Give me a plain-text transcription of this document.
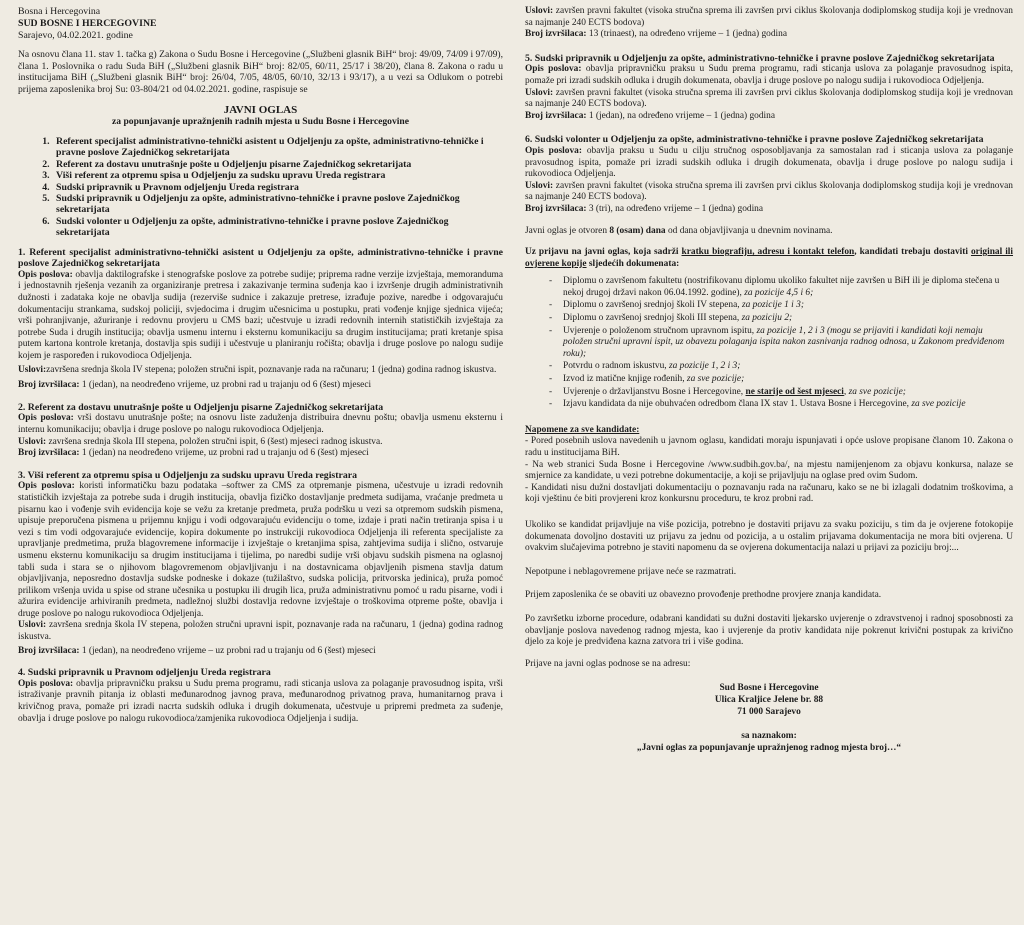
Bosna i Hercegovina

SUD BOSNE I HERCEGOVINE

Sarajevo, 04.02.2021. godine

Na osnovu člana 11. stav 1. tačka g) Zakona o Sudu Bosne i Hercegovine („Službeni glasnik BiH“ broj: 49/09, 74/09 i 97/09), člana 1. Poslovnika o radu Suda BiH („Službeni glasnik BiH“ broj: 82/05, 60/11, 25/17 i 38/20), člana 8. Zakona o radu u institucijama BiH („Službeni glasnik BiH“ broj: 26/04, 7/05, 48/05, 60/10, 32/13 i 93/17), a u vezi sa Odlukom o potrebi prijema zaposlenika broj Su: 03-804/21 od 04.02.2021. godine, raspisuje se

JAVNI OGLAS

za popunjavanje upražnjenih radnih mjesta u Sudu Bosne i Hercegovine

1. Referent specijalist administrativno-tehnički asistent u Odjeljenju za opšte, administrativno-tehničke i pravne poslove Zajedničkog sekretarijata
2. Referent za dostavu unutrašnje pošte u Odjeljenju pisarne Zajedničkog sekretarijata
3. Viši referent za otpremu spisa u Odjeljenju za sudsku upravu Ureda registrara
4. Sudski pripravnik u Pravnom odjeljenju Ureda registrara
5. Sudski pripravnik u Odjeljenju za opšte, administrativno-tehničke i pravne poslove Zajedničkog sekretarijata
6. Sudski volonter u Odjeljenju za opšte, administrativno-tehničke i pravne poslove Zajedničkog sekretarijata

1. Referent specijalist administrativno-tehnički asistent u Odjeljenju za opšte, administrativno-tehničke i pravne poslove Zajedničkog sekretarijata

Opis poslova: obavlja daktilografske i stenografske poslove za potrebe sudije; priprema radne verzije izvještaja, memoranduma i jednostavnih rješenja vezanih za organiziranje pretresa i zakazivanje termina suđenja kao i izvršenje drugih administrativnih dužnosti i zadataka koje ne obavlja sudija (rezerviše sudnice i zakazuje pretrese, izrađuje pozive, naredbe i odgovarajuću dokumentaciju strankama, sudskoj policiji, svjedocima i drugim učesnicima u postupku, prati vođenje knjige sjednica vijeća; vrši pohranjivanje, ažuriranje i redovnu provjeru u CMS bazi; učestvuje u izradi redovnih internih statističkih izvještaja za potrebe Suda i drugih institucija; obavlja usmenu internu i eksternu komunikaciju sa drugim institucijama; prati kretanje spisa putem kartona kontrole kretanja, dostavlja spis sudiji i učestvuje u planiranju ročišta; obavlja i druge poslove po nalogu sudije kojem je raspoređen i rukovodioca Odjeljenja.

Uslovi:završena srednja škola IV stepena; položen stručni ispit, poznavanje rada na računaru; 1 (jedna) godina radnog iskustva.

Broj izvršilaca: 1 (jedan), na neodređeno vrijeme, uz probni rad u trajanju od 6 (šest) mjeseci

2. Referent za dostavu unutrašnje pošte u Odjeljenju pisarne Zajedničkog sekretarijata

Opis poslova: vrši dostavu unutrašnje pošte; na osnovu liste zaduženja distribuira dnevnu poštu; obavlja usmenu eksternu i internu komunikaciju; obavlja i druge poslove po nalogu rukovodioca Odjeljenja.

Uslovi: završena srednja škola III stepena, položen stručni ispit, 6 (šest) mjeseci radnog iskustva.

Broj izvršilaca: 1 (jedan) na neodređeno vrijeme, uz probni rad u trajanju od 6 (šest) mjeseci

3. Viši referent za otpremu spisa u Odjeljenju za sudsku upravu Ureda registrara

Opis poslova: koristi informatičku bazu podataka –softwer za CMS za otpremanje pismena, učestvuje u izradi redovnih statističkih izvještaja za potrebe suda i drugih institucija, obavlja fizičko dostavljanje predmeta sudijama, vraćanje predmeta u pisarnu kao i vođenje svih evidencija koje se vežu za kretanje predmeta, pruža podršku u vezi sa otpremom sudskih pismena, upisuje preporučena pismena u prijemnu knjigu i vodi odgovarajuću evidenciju o tome, izdaje i prati način tretiranja spisa i u vezi s tim vodi odgovarajuće evidencije, kopira dokumente po instrukciji rukovodioca Odjeljenja ili referenta specijaliste za upravljanje predmetima, pruža blagovremene informacije i izvještaje o kretanjima spisa, zahtjevima sudija i slično, ostvaruje usmenu eksternu komunikaciju sa drugim institucijama i tijelima, po naredbi sudije vrši objavu sudskih pismena na oglasnoj tabli suda i stara se o njihovom blagovremenom objavljivanju i na dostavnicama objavljenih pismena stavlja datum objavljivanja, neposredno dostavlja sudske podneske i dokaze (tužilaštvo, sudska policija, pritvorska jedinica), pruža pomoć prilikom vršenja uvida u spise od strane učesnika u postupku ili drugih lica, pruža administrativnu pomoć u radu pisarne, vodi i ažurira evidencije arhiviranih predmeta, nadležnoj službi dostavlja redovne izvještaje o troškovima otpreme pošte, obavlja i druge poslove po nalogu rukovodioca Odjeljenja.

Uslovi: završena srednja škola IV stepena, položen stručni upravni ispit, poznavanje rada na računaru, 1 (jedna) godina radnog iskustva.

Broj izvršilaca: 1 (jedan), na neodređeno vrijeme – uz probni rad u trajanju od 6 (šest) mjeseci

4. Sudski pripravnik u Pravnom odjeljenju Ureda registrara

Opis poslova: obavlja pripravničku praksu u Sudu prema programu, radi sticanja uslova za polaganje pravosudnog ispita, vrši istraživanje pravnih pitanja iz oblasti međunarodnog javnog prava, međunarodnog privatnog prava, humanitarnog prava i krivičnog prava, pomaže pri izradi nacrta sudskih odluka i drugih dokumenata, učestvuje u pripremi predmeta za suđenje, obavlja i druge poslove po nalogu rukovodioca/zamjenika rukovodioca Odjeljenja i sudija.

Uslovi: završen pravni fakultet (visoka stručna sprema ili završen prvi ciklus školovanja dodiplomskog studija koji je vrednovan sa najmanje 240 ECTS bodova)

Broj izvršilaca: 13 (trinaest), na određeno vrijeme – 1 (jedna) godina

5. Sudski pripravnik u Odjeljenju za opšte, administrativno-tehničke i pravne poslove Zajedničkog sekretarijata

Opis poslova: obavlja pripravničku praksu u Sudu prema programu, radi sticanja uslova za polaganje pravosudnog ispita, pomaže pri izradi sudskih odluka i drugih dokumenata, obavlja i druge poslove po nalogu sudija i rukovodioca Odjeljenja.

Uslovi: završen pravni fakultet (visoka stručna sprema ili završen prvi ciklus školovanja dodiplomskog studija koji je vrednovan sa najmanje 240 ECTS bodova).

Broj izvršilaca: 1 (jedan), na određeno vrijeme – 1 (jedna) godina

6. Sudski volonter u Odjeljenju za opšte, administrativno-tehničke i pravne poslove Zajedničkog sekretarijata

Opis poslova: obavlja praksu u Sudu u cilju stručnog osposobljavanja za samostalan rad i sticanja uslova za polaganje pravosudnog ispita, pomaže pri izradi sudskih odluka i drugih dokumenata, obavlja i druge poslove po nalogu sudija i rukovodioca Odjeljenja.

Uslovi: završen pravni fakultet (visoka stručna sprema ili završen prvi ciklus školovanja dodiplomskog studija koji je vrednovan sa najmanje 240 ECTS bodova).

Broj izvršilaca: 3 (tri), na određeno vrijeme – 1 (jedna) godina

Javni oglas je otvoren 8 (osam) dana od dana objavljivanja u dnevnim novinama.

Uz prijavu na javni oglas, koja sadrži kratku biografiju, adresu i kontakt telefon, kandidati trebaju dostaviti original ili ovjerene kopije sljedećih dokumenata:

- Diplomu o završenom fakultetu (nostrifikovanu diplomu ukoliko fakultet nije završen u BiH ili je diploma stečena u nekoj drugoj državi nakon 06.04.1992. godine), za pozicije 4,5 i 6;
- Diplomu o završenoj srednjoj školi IV stepena, za pozicije 1 i 3;
- Diplomu o završenoj srednjoj školi III stepena, za poziciju 2;
- Uvjerenje o položenom stručnom upravnom ispitu, za pozicije 1, 2 i 3 (mogu se prijaviti i kandidati koji nemaju položen stručni upravni ispit, uz obavezu polaganja ispita nakon zasnivanja radnog odnosa, u Zakonom predviđenom roku);
- Potvrdu o radnom iskustvu, za pozicije 1, 2 i 3;
- Izvod iz matične knjige rođenih, za sve pozicije;
- Uvjerenje o državljanstvu Bosne i Hercegovine, ne starije od šest mjeseci, za sve pozicije;
- Izjavu kandidata da nije obuhvaćen odredbom člana IX stav 1. Ustava Bosne i Hercegovine, za sve pozicije

Napomene za sve kandidate:

- Pored posebnih uslova navedenih u javnom oglasu, kandidati moraju ispunjavati i opće uslove propisane članom 10. Zakona o radu u institucijama BiH.

- Na web stranici Suda Bosne i Hercegovine /www.sudbih.gov.ba/, na mjestu namijenjenom za objavu konkursa, nalaze se smjernice za kandidate, u vezi potrebne dokumentacije, a koji se prijavljuju na oglase pred ovim Sudom.

- Kandidati nisu dužni dostavljati dokumentaciju o poznavanju rada na računaru, kako se ne bi izlagali dodatnim troškovima, a koji vještinu će biti provjereni kroz konkursnu proceduru, te kroz probni rad.

Ukoliko se kandidat prijavljuje na više pozicija, potrebno je dostaviti prijavu za svaku poziciju, s tim da je ovjerene fotokopije dokumenata dovoljno dostaviti uz prijavu za jednu od pozicija, a u ostalim prijavama dokumentacija ne mora biti ovjerena. U ovakvim slučajevima potrebno je staviti napomenu da se ovjerena dokumentacija nalazi u prijavi za poziciju broj:...

Nepotpune i neblagovremene prijave neće se razmatrati.

Prijem zaposlenika će se obaviti uz obavezno provođenje prethodne provjere znanja kandidata.

Po završetku izborne procedure, odabrani kandidati su dužni dostaviti ljekarsko uvjerenje o zdravstvenoj i radnoj sposobnosti za obavljanje poslova navedenog radnog mjesta, kao i uvjerenje da protiv kandidata nije pokrenut krivični postupak za krivično djelo za koje je predviđena kazna zatvora tri i više godina.

Prijave na javni oglas podnose se na adresu:

Sud Bosne i Hercegovine

Ulica Kraljice Jelene br. 88

71 000 Sarajevo

sa naznakom:

„Javni oglas za popunjavanje upražnjenog radnog mjesta broj…“
